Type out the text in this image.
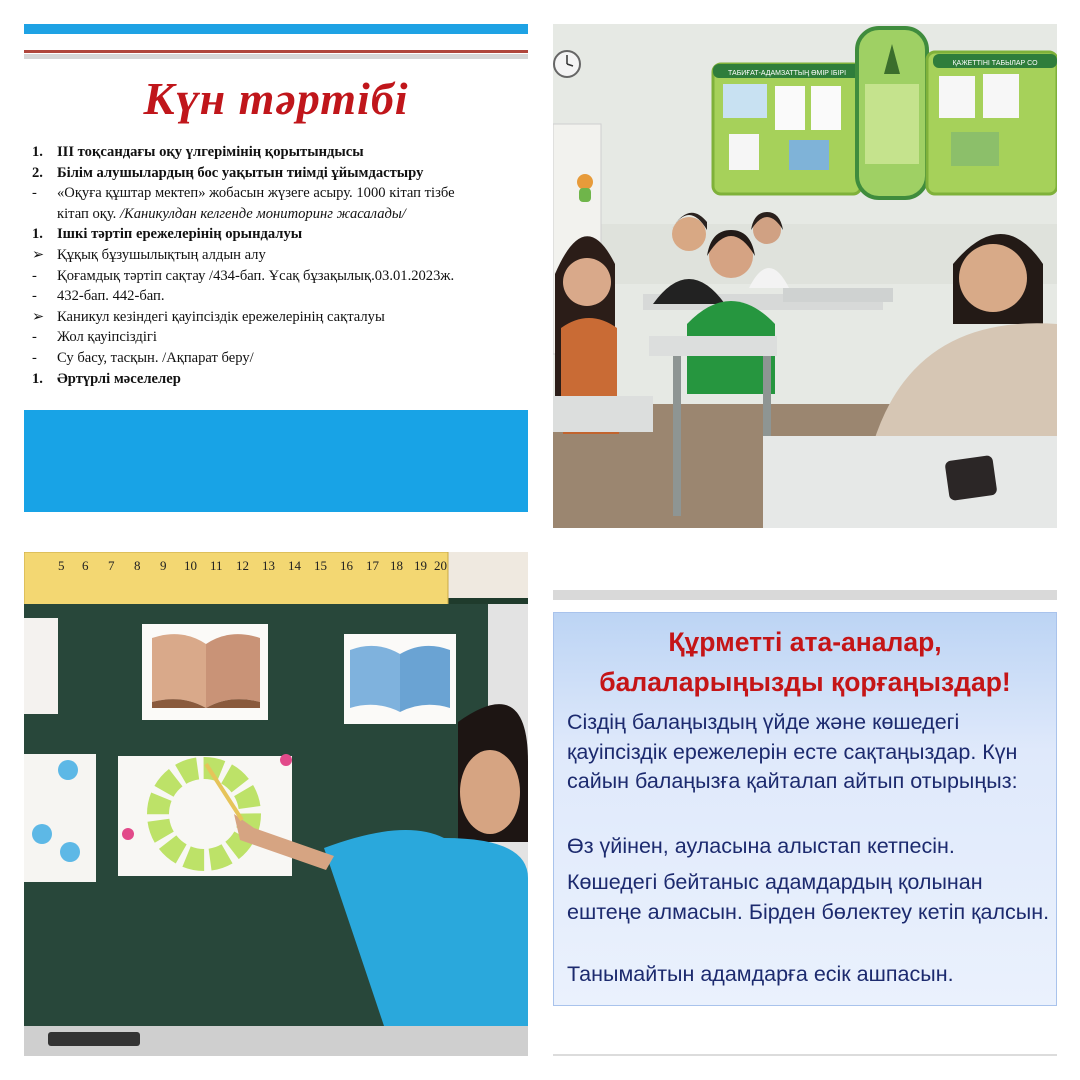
Күн тәртібі
1. ІІІ тоқсандағы оқу үлгерімінің қорытындысы
2. Білім алушылардың бос уақытын тиімді ұйымдастыру
-	«Оқуға құштар мектеп» жобасын жүзеге асыру. 1000 кітап тізбе
кітап оқу. /Каникулдан келгенде мониторинг жасалады/
1. Ішкі тәртіп ережелерінің орындалуы
➢ Құқық бұзушылықтың алдын алу
-	Қоғамдық тәртіп сақтау /434-бап. Ұсақ бұзақылық.03.01.2023ж.
-	432-бап. 442-бап.
➢ Каникул кезіндегі қауіпсіздік ережелерінің сақталуы
-	Жол қауіпсіздігі
-	Су басу, тасқын. /Ақпарат беру/
1. Әртүрлі мәселелер
ТАБИҒАТ-АДАМЗАТТЫҢ ӨМІР ІБІРІ
ҚАЖЕТТІНІ ТАБЫЛАР СО
5 6 7 8 9 10 11 12 13 14 15 16 17 18 19 20
Құрметті ата-аналар,
балаларыңызды қорғаңыздар!
Сіздің балаңыздың үйде және көшедегі қауіпсіздік ережелерін есте сақтаңыздар. Күн сайын балаңызға қайталап айтып отырыңыз:
Өз үйінен, ауласына алыстап кетпесін.
Көшедегі бейтаныс адамдардың қолынан ештеңе алмасын. Бірден бөлектеу кетіп қалсын.
Танымайтын адамдарға есік ашпасын.
